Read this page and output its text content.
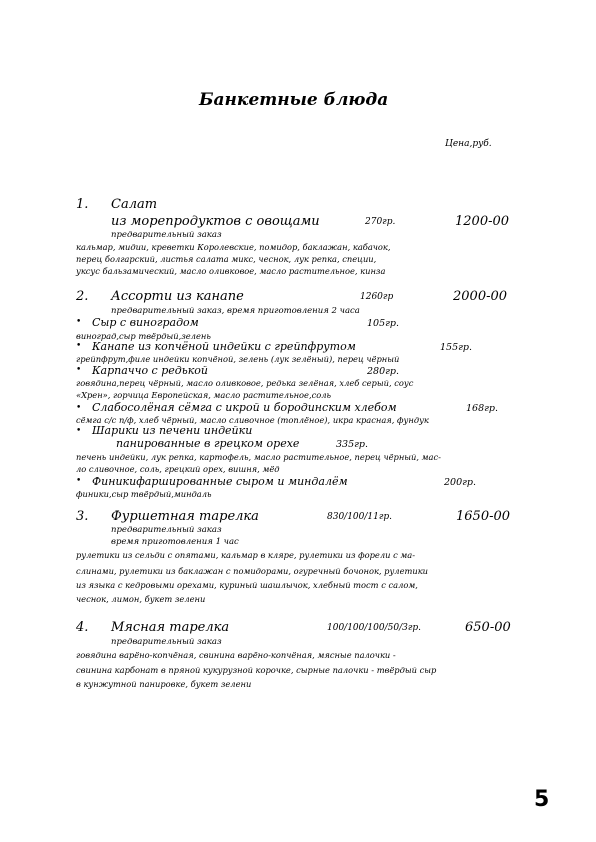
Банкетные блюда
Цена,руб.
1. Салат
из морепродуктов с овощами	270гр.	1200-00
предварительный заказ
кальмар, мидии, креветки Королевские, помидор, баклажан, кабачок,
перец болгарский, листья салата микс, чеснок, лук репка, специи,
уксус бальзамический, масло оливковое, масло растительное, кинза
2. Ассорти из канапе	1260гр	2000-00
предварительный заказ, время приготовления 2 часа
• Сыр с виноградом	105гр.
виноград,сыр твёрдый,зелень
• Канапе из копчёной индейки с грейпфрутом	155гр.
грейпфрут,филе индейки копчёной, зелень (лук зелёный), перец чёрный
• Карпаччо с редькой	280гр.
говядина,перец чёрный, масло оливковое, редька зелёная, хлеб серый, соус
«Хрен», горчица Европейская, масло растительное,соль
• Слабосолёная сёмга с икрой и бородинским хлебом	168гр.
сёмга с/с п/ф, хлеб чёрный, масло сливочное (топлёное), икра красная, фундук
• Шарики из печени индейки
панированные в грецком орехе	335гр.
печень индейки, лук репка, картофель, масло растительное, перец чёрный, мас-
ло сливочное, соль, грецкий орех, вишня, мёд
• Финикифаршированные сыром и миндалём	200гр.
финики,сыр твёрдый,миндаль
3. Фуршетная тарелка	830/100/11гр.	1650-00
предварительный заказ
время приготовления 1 час
рулетики из сельди с опятами, кальмар в кляре, рулетики из форели с ма-
слинами, рулетики из баклажан с помидорами, огуречный бочонок, рулетики
из языка с кедровыми орехами, куриный шашлычок, хлебный тост с салом,
чеснок, лимон, букет зелени
4. Мясная тарелка	100/100/100/50/3гр.	650-00
предварительный заказ
говядина варёно-копчёная, свинина варёно-копчёная, мясные палочки -
свинина карбонат в пряной кукурузной корочке, сырные палочки - твёрдый сыр
в кунжутной панировке, букет зелени
5
